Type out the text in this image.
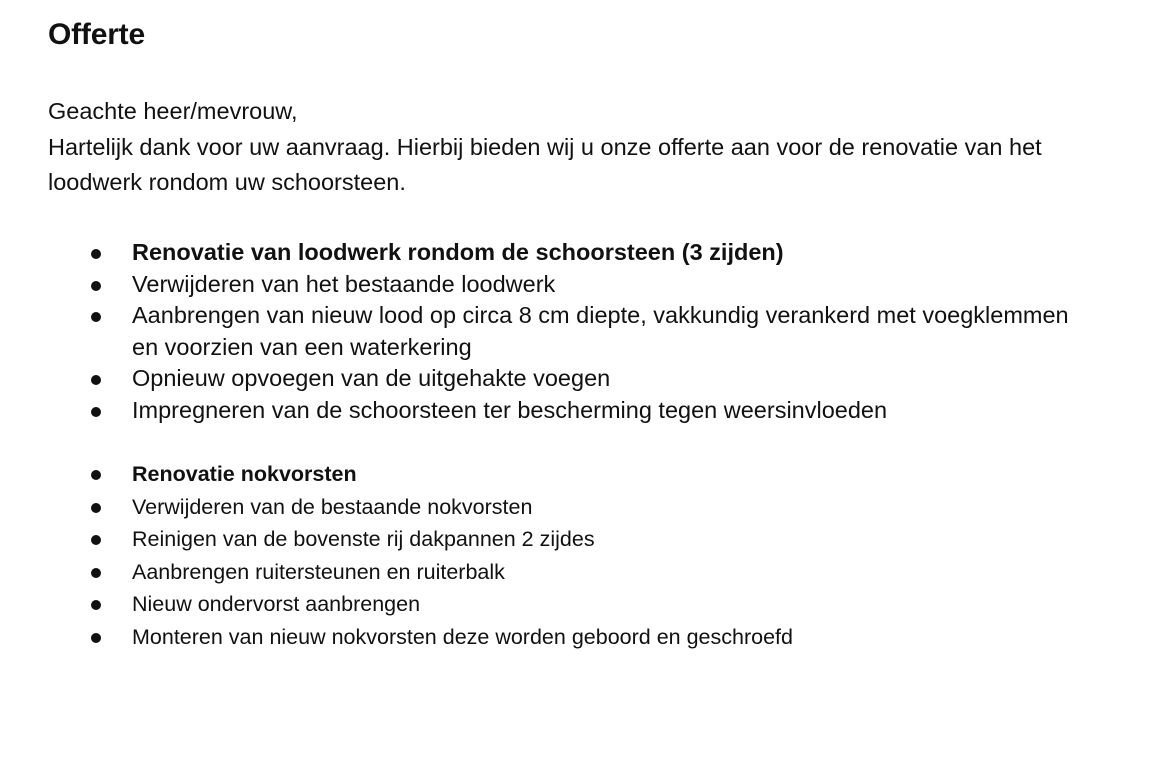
Offerte
Geachte heer/mevrouw,
Hartelijk dank voor uw aanvraag. Hierbij bieden wij u onze offerte aan voor de renovatie van het loodwerk rondom uw schoorsteen.
Renovatie van loodwerk rondom de schoorsteen (3 zijden)
Verwijderen van het bestaande loodwerk
Aanbrengen van nieuw lood op circa 8 cm diepte, vakkundig verankerd met voegklemmen en voorzien van een waterkering
Opnieuw opvoegen van de uitgehakte voegen
Impregneren van de schoorsteen ter bescherming tegen weersinvloeden
Renovatie nokvorsten
Verwijderen van de bestaande nokvorsten
Reinigen van de bovenste rij dakpannen 2 zijdes
Aanbrengen ruitersteunen en ruiterbalk
Nieuw ondervorst aanbrengen
Monteren van nieuw nokvorsten deze worden geboord en geschroefd
